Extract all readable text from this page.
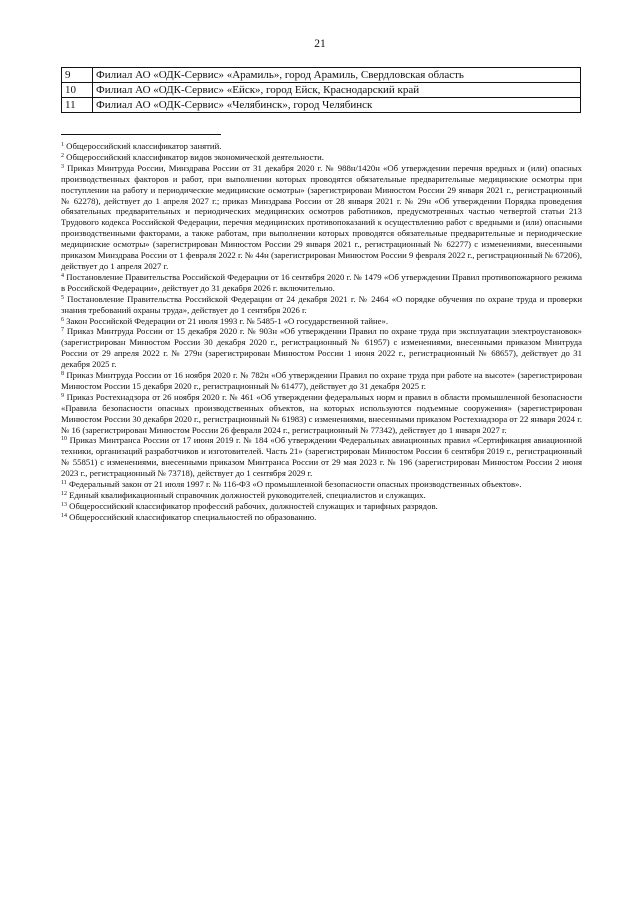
21
9	Филиал АО «ОДК-Сервис» «Арамиль», город Арамиль, Свердловская область
10	Филиал АО «ОДК-Сервис» «Ейск», город Ейск, Краснодарский край
11	Филиал АО «ОДК-Сервис» «Челябинск», город Челябинск

$^1$ Общероссийский классификатор занятий.

$^2$ Общероссийский классификатор видов экономической деятельности.

$^3$ Приказ Минтруда России, Минздрава России от 31 декабря 2020 г. № 988н/1420н «Об утверждении перечня вредных и (или) опасных производственных факторов и работ, при выполнении которых проводятся обязательные предварительные медицинские осмотры при поступлении на работу и периодические медицинские осмотры» (зарегистрирован Минюстом России 29 января 2021 г., регистрационный № 62278), действует до 1 апреля 2027 г.; приказ Минздрава России от 28 января 2021 г. № 29н «Об утверждении Порядка проведения обязательных предварительных и периодических медицинских осмотров работников, предусмотренных частью четвертой статьи 213 Трудового кодекса Российской Федерации, перечня медицинских противопоказаний к осуществлению работ с вредными и (или) опасными производственными факторами, а также работам, при выполнении которых проводятся обязательные предварительные и периодические медицинские осмотры» (зарегистрирован Минюстом России 29 января 2021 г., регистрационный № 62277) с изменениями, внесенными приказом Минздрава России от 1 февраля 2022 г. № 44н (зарегистрирован Минюстом России 9 февраля 2022 г., регистрационный № 67206), действует до 1 апреля 2027 г.

$^4$ Постановление Правительства Российской Федерации от 16 сентября 2020 г. № 1479 «Об утверждении Правил противопожарного режима в Российской Федерации», действует до 31 декабря 2026 г. включительно.

$^5$ Постановление Правительства Российской Федерации от 24 декабря 2021 г. № 2464 «О порядке обучения по охране труда и проверки знания требований охраны труда», действует до 1 сентября 2026 г.

$^6$ Закон Российской Федерации от 21 июля 1993 г. № 5485-1 «О государственной тайне».

$^7$ Приказ Минтруда России от 15 декабря 2020 г. № 903н «Об утверждении Правил по охране труда при эксплуатации электроустановок» (зарегистрирован Минюстом России 30 декабря 2020 г., регистрационный № 61957) с изменениями, внесенными приказом Минтруда России от 29 апреля 2022 г. № 279н (зарегистрирован Минюстом России 1 июня 2022 г., регистрационный № 68657), действует до 31 декабря 2025 г.

$^8$ Приказ Минтруда России от 16 ноября 2020 г. № 782н «Об утверждении Правил по охране труда при работе на высоте» (зарегистрирован Минюстом России 15 декабря 2020 г., регистрационный № 61477), действует до 31 декабря 2025 г.

$^9$ Приказ Ростехнадзора от 26 ноября 2020 г. № 461 «Об утверждении федеральных норм и правил в области промышленной безопасности «Правила безопасности опасных производственных объектов, на которых используются подъемные сооружения» (зарегистрирован Минюстом России 30 декабря 2020 г., регистрационный № 61983) с изменениями, внесенными приказом Ростехнадзора от 22 января 2024 г. № 16 (зарегистрирован Минюстом России 26 февраля 2024 г., регистрационный № 77342), действует до 1 января 2027 г.

$^{10}$ Приказ Минтранса России от 17 июня 2019 г. № 184 «Об утверждении Федеральных авиационных правил «Сертификация авиационной техники, организаций разработчиков и изготовителей. Часть 21» (зарегистрирован Минюстом России 6 сентября 2019 г., регистрационный № 55851) с изменениями, внесенными приказом Минтранса России от 29 мая 2023 г. № 196 (зарегистрирован Минюстом России 2 июня 2023 г., регистрационный № 73718), действует до 1 сентября 2029 г.

$^{11}$ Федеральный закон от 21 июля 1997 г. № 116-ФЗ «О промышленной безопасности опасных производственных объектов».

$^{12}$ Единый квалификационный справочник должностей руководителей, специалистов и служащих.

$^{13}$ Общероссийский классификатор профессий рабочих, должностей служащих и тарифных разрядов.

$^{14}$ Общероссийский классификатор специальностей по образованию.
